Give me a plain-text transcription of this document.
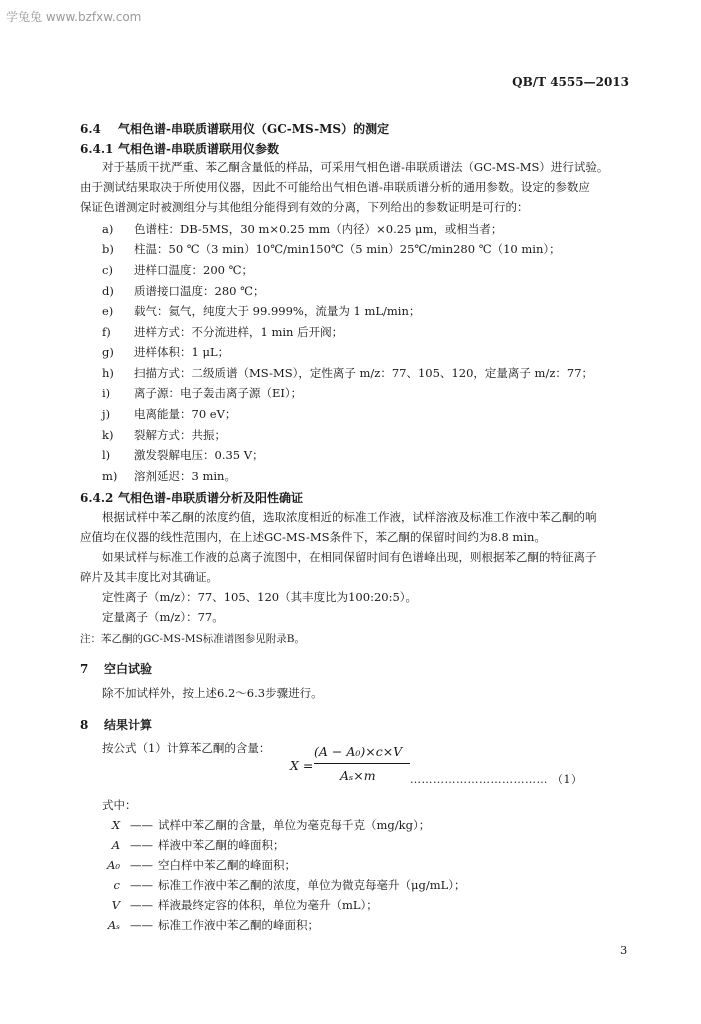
学兔兔 www.bzfxw.com
QB/T 4555—2013
6.4 气相色谱-串联质谱联用仪（GC-MS-MS）的测定
6.4.1 气相色谱-串联质谱联用仪参数
对于基质干扰严重、苯乙酮含量低的样品，可采用气相色谱-串联质谱法（GC-MS-MS）进行试验。
由于测试结果取决于所使用仪器，因此不可能给出气相色谱-串联质谱分析的通用参数。设定的参数应
保证色谱测定时被测组分与其他组分能得到有效的分离，下列给出的参数证明是可行的：
a) 色谱柱：DB-5MS，30 m×0.25 mm（内径）×0.25 μm，或相当者；
b) 柱温：50 ℃（3 min）10℃/min150℃（5 min）25℃/min280 ℃（10 min）；
c) 进样口温度：200 ℃；
d) 质谱接口温度：280 ℃；
e) 载气：氦气，纯度大于 99.999%，流量为 1 mL/min；
f) 进样方式：不分流进样，1 min 后开阀；
g) 进样体积：1 μL；
h) 扫描方式：二级质谱（MS-MS），定性离子 m/z：77、105、120，定量离子 m/z：77；
i) 离子源：电子轰击离子源（EI）；
j) 电离能量：70 eV；
k) 裂解方式：共振；
l) 激发裂解电压：0.35 V；
m) 溶剂延迟：3 min。
6.4.2 气相色谱-串联质谱分析及阳性确证
根据试样中苯乙酮的浓度约值，选取浓度相近的标准工作液，试样溶液及标准工作液中苯乙酮的响
应值均在仪器的线性范围内，在上述GC-MS-MS条件下，苯乙酮的保留时间约为8.8 min。
如果试样与标准工作液的总离子流图中，在相同保留时间有色谱峰出现，则根据苯乙酮的特征离子
碎片及其丰度比对其确证。
定性离子（m/z）：77、105、120（其丰度比为100:20:5）。
定量离子（m/z）：77。
注：苯乙酮的GC-MS-MS标准谱图参见附录B。
7 空白试验
除不加试样外，按上述6.2～6.3步骤进行。
8 结果计算
按公式（1）计算苯乙酮的含量：
X =
(A − A₀)×c×V
Aₛ×m	……………………………… （1）
式中：
X —— 试样中苯乙酮的含量，单位为毫克每千克（mg/kg）；
A —— 样液中苯乙酮的峰面积；
A₀ —— 空白样中苯乙酮的峰面积；
c —— 标准工作液中苯乙酮的浓度，单位为微克每毫升（μg/mL）；
V —— 样液最终定容的体积，单位为毫升（mL）；
Aₛ —— 标准工作液中苯乙酮的峰面积；
3
